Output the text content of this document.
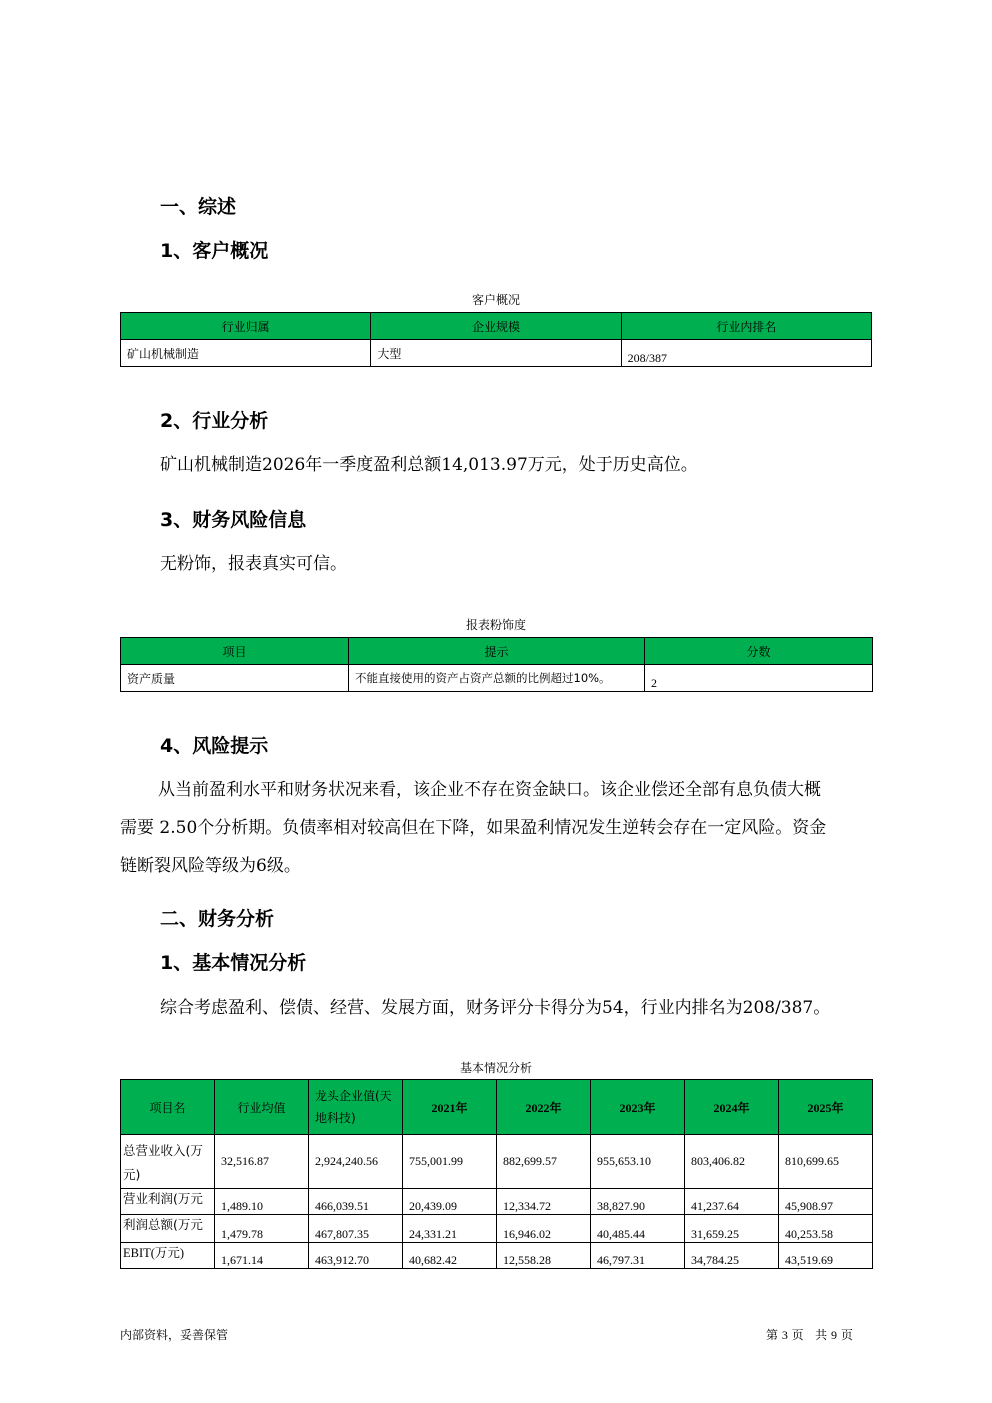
一、综述
1、客户概况
客户概况
行业归属	企业规模	行业内排名
矿山机械制造	大型	208/387
2、行业分析
矿山机械制造2026年一季度盈利总额14,013.97万元，处于历史高位。
3、财务风险信息
无粉饰，报表真实可信。
报表粉饰度
项目	提示	分数
资产质量	不能直接使用的资产占资产总额的比例超过10%。	2
4、风险提示
从当前盈利水平和财务状况来看，该企业不存在资金缺口。该企业偿还全部有息负债大概
需要 2.50个分析期。负债率相对较高但在下降，如果盈利情况发生逆转会存在一定风险。资金
链断裂风险等级为6级。
二、财务分析
1、基本情况分析
综合考虑盈利、偿债、经营、发展方面，财务评分卡得分为54，行业内排名为208/387。
基本情况分析
项目名	行业均值	龙头企业值(天地科技)	2021年	2022年	2023年	2024年	2025年
总营业收入(万元)	32,516.87	2,924,240.56	755,001.99	882,699.57	955,653.10	803,406.82	810,699.65
营业利润(万元	1,489.10	466,039.51	20,439.09	12,334.72	38,827.90	41,237.64	45,908.97
利润总额(万元	1,479.78	467,807.35	24,331.21	16,946.02	40,485.44	31,659.25	40,253.58
EBIT(万元)	1,671.14	463,912.70	40,682.42	12,558.28	46,797.31	34,784.25	43,519.69
内部资料，妥善保管	第 3 页 共 9 页
